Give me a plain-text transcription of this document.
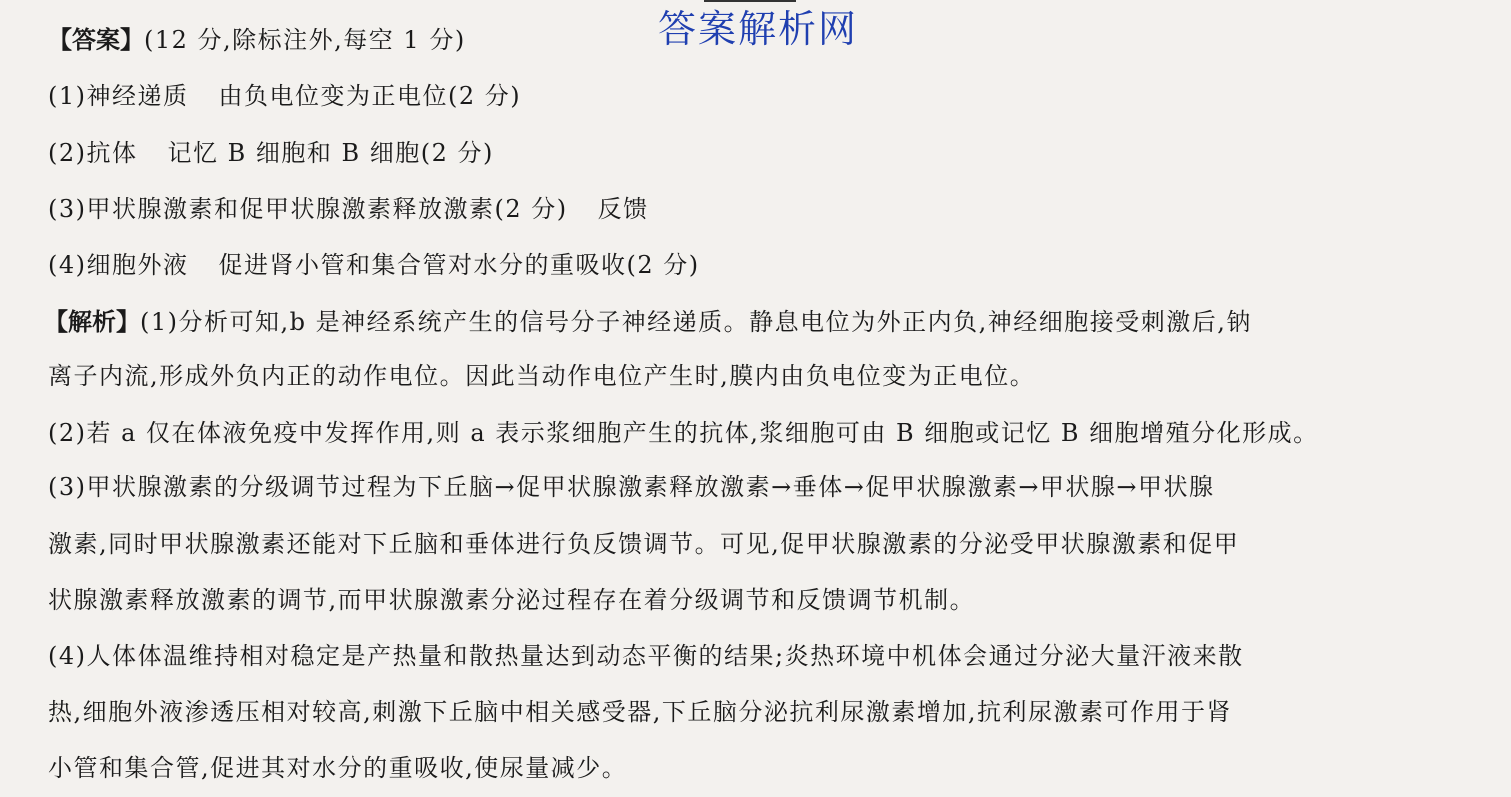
答案解析网
【答案】(12 分,除标注外,每空 1 分)
(1)神经递质 由负电位变为正电位(2 分)
(2)抗体 记忆 B 细胞和 B 细胞(2 分)
(3)甲状腺激素和促甲状腺激素释放激素(2 分) 反馈
(4)细胞外液 促进肾小管和集合管对水分的重吸收(2 分)
【解析】(1)分析可知,b 是神经系统产生的信号分子神经递质。静息电位为外正内负,神经细胞接受刺激后,钠
离子内流,形成外负内正的动作电位。因此当动作电位产生时,膜内由负电位变为正电位。
(2)若 a 仅在体液免疫中发挥作用,则 a 表示浆细胞产生的抗体,浆细胞可由 B 细胞或记忆 B 细胞增殖分化形成。
(3)甲状腺激素的分级调节过程为下丘脑→促甲状腺激素释放激素→垂体→促甲状腺激素→甲状腺→甲状腺
激素,同时甲状腺激素还能对下丘脑和垂体进行负反馈调节。可见,促甲状腺激素的分泌受甲状腺激素和促甲
状腺激素释放激素的调节,而甲状腺激素分泌过程存在着分级调节和反馈调节机制。
(4)人体体温维持相对稳定是产热量和散热量达到动态平衡的结果;炎热环境中机体会通过分泌大量汗液来散
热,细胞外液渗透压相对较高,刺激下丘脑中相关感受器,下丘脑分泌抗利尿激素增加,抗利尿激素可作用于肾
小管和集合管,促进其对水分的重吸收,使尿量减少。
